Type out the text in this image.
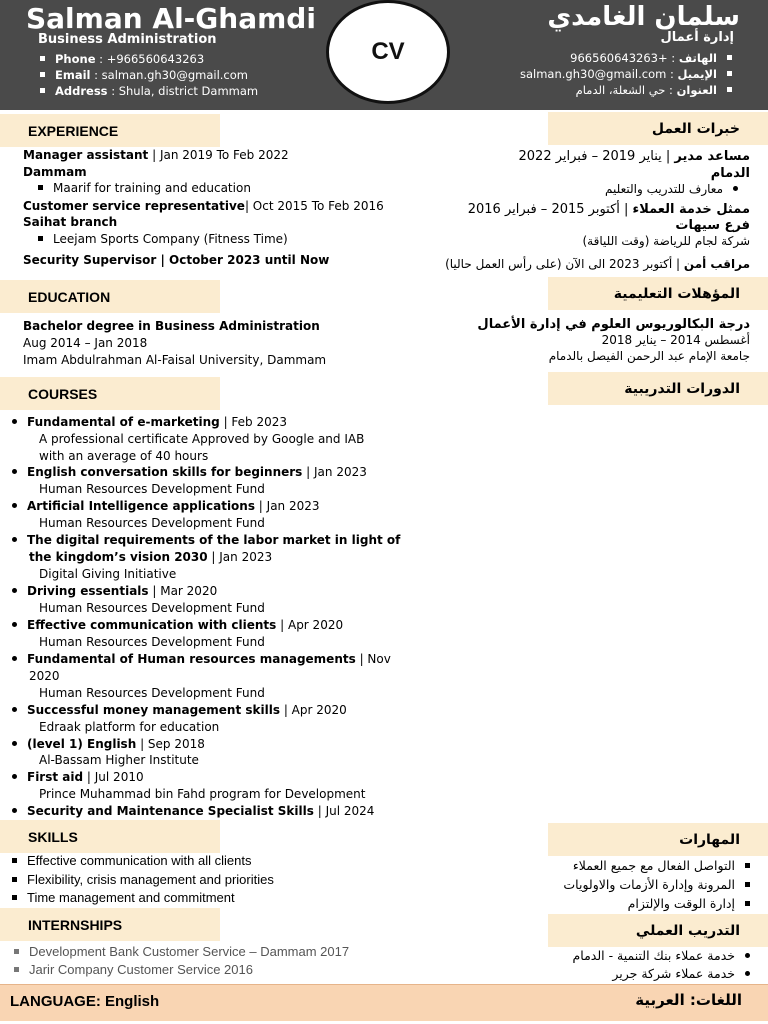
Salman Al-Ghamdi	سلمان الغامدي
Business Administration	إدارة أعمال
Phone : +966560643263
Email : salman.gh30@gmail.com
Address : Shula, district Dammam
الهاتف : +966560643263
الإيميل : salman.gh30@gmail.com
العنوان : حي الشعلة، الدمام
CV
EXPERIENCE	خبرات العمل
Manager assistant | Jan 2019 To Feb 2022
Dammam
Maarif for training and education
Customer service representative| Oct 2015 To Feb 2016
Saihat branch
Leejam Sports Company (Fitness Time)
Security Supervisor | October 2023 until Now
مساعد مدير | يناير 2019 – فبراير 2022
الدمام
معارف للتدريب والتعليم
ممثل خدمة العملاء | أكتوبر 2015 – فبراير 2016
فرع سيهات
شركة لجام للرياضة (وقت اللياقة)
مراقب أمن | أكتوبر 2023 الى الآن (على رأس العمل حاليا)
EDUCATION	المؤهلات التعليمية
Bachelor degree in Business Administration
Aug 2014 – Jan 2018
Imam Abdulrahman Al-Faisal University, Dammam
درجة البكالوريوس العلوم في إدارة الأعمال
أغسطس 2014 – يناير 2018
جامعة الإمام عبد الرحمن الفيصل بالدمام
COURSES	الدورات التدريبية
Fundamental of e-marketing | Feb 2023
A professional certificate Approved by Google and IAB
with an average of 40 hours
English conversation skills for beginners | Jan 2023
Human Resources Development Fund
Artificial Intelligence applications | Jan 2023
Human Resources Development Fund
The digital requirements of the labor market in light of
the kingdom’s vision 2030 | Jan 2023
Digital Giving Initiative
Driving essentials | Mar 2020
Human Resources Development Fund
Effective communication with clients | Apr 2020
Human Resources Development Fund
Fundamental of Human resources managements | Nov
2020
Human Resources Development Fund
Successful money management skills | Apr 2020
Edraak platform for education
(level 1) English | Sep 2018
Al-Bassam Higher Institute
First aid | Jul 2010
Prince Muhammad bin Fahd program for Development
Security and Maintenance Specialist Skills | Jul 2024
SKILLS	المهارات
Effective communication with all clients
Flexibility, crisis management and priorities
Time management and commitment
التواصل الفعال مع جميع العملاء
المرونة وإدارة الأزمات والاولويات
إدارة الوقت والإلتزام
INTERNSHIPS	التدريب العملي
Development Bank Customer Service – Dammam 2017
Jarir Company Customer Service 2016
خدمة عملاء بنك التنمية - الدمام
خدمة عملاء شركة جرير
LANGUAGE: English	اللغات: العربية
